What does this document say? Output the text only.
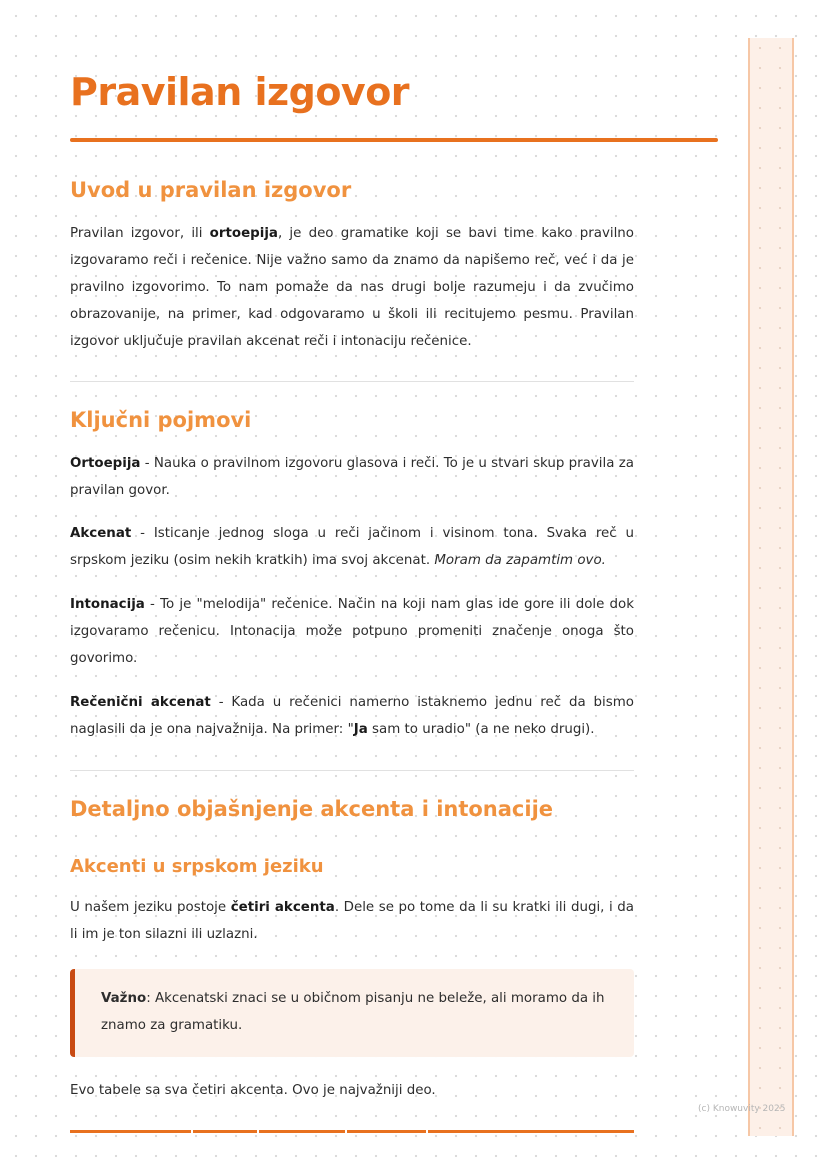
Pravilan izgovor
Uvod u pravilan izgovor

Pravilan izgovor, ili ortoepija, je deo gramatike koji se bavi time kako pravilno izgovaramo reči i rečenice. Nije važno samo da znamo da napišemo reč, već i da je pravilno izgovorimo. To nam pomaže da nas drugi bolje razumeju i da zvučimo obrazovanije, na primer, kad odgovaramo u školi ili recitujemo pesmu. Pravilan izgovor uključuje pravilan akcenat reči i intonaciju rečenice.

Ključni pojmovi

Ortoepija - Nauka o pravilnom izgovoru glasova i reči. To je u stvari skup pravila za pravilan govor.

Akcenat - Isticanje jednog sloga u reči jačinom i visinom tona. Svaka reč u srpskom jeziku (osim nekih kratkih) ima svoj akcenat. Moram da zapamtim ovo.

Intonacija - To je "melodija" rečenice. Način na koji nam glas ide gore ili dole dok izgovaramo rečenicu. Intonacija može potpuno promeniti značenje onoga što govorimo.

Rečenični akcenat - Kada u rečenici namerno istaknemo jednu reč da bismo naglasili da je ona najvažnija. Na primer: "Ja sam to uradio" (a ne neko drugi).

Detaljno objašnjenje akcenta i intonacije
Akcenti u srpskom jeziku

U našem jeziku postoje četiri akcenta. Dele se po tome da li su kratki ili dugi, i da li im je ton silazni ili uzlazni.

Važno: Akcenatski znaci se u običnom pisanju ne beleže, ali moramo da ih znamo za gramatiku.

Evo tabele sa sva četiri akcenta. Ovo je najvažniji deo.

(c) Knowuvity 2025
